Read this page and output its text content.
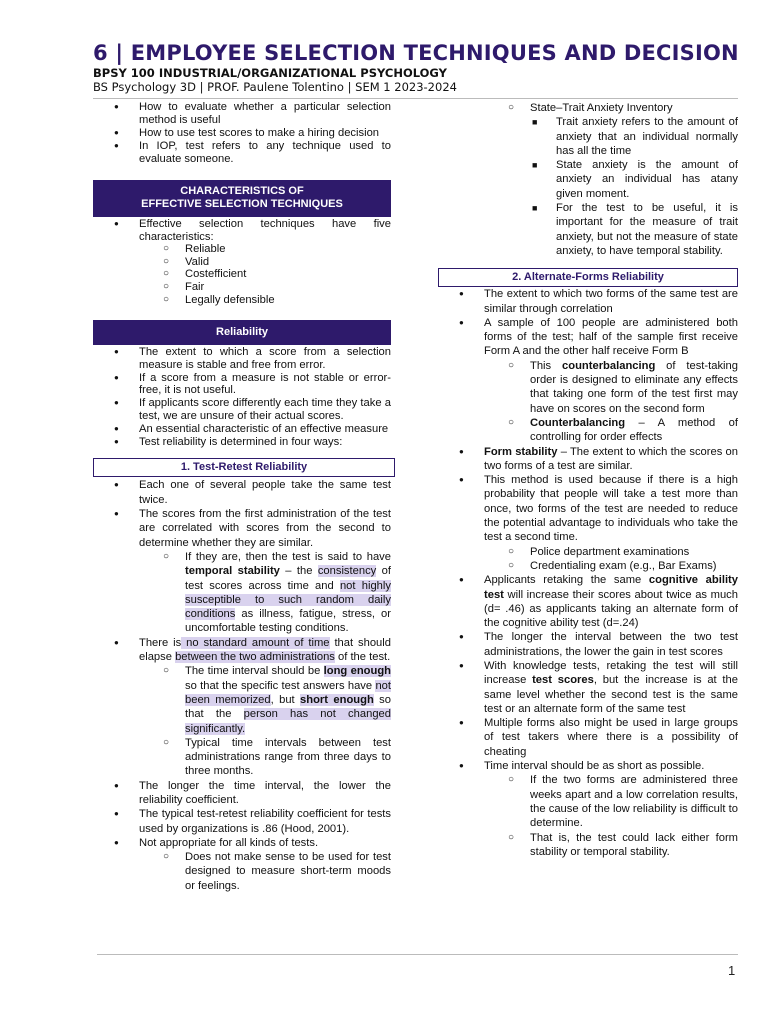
6 | EMPLOYEE SELECTION TECHNIQUES AND DECISION
BPSY 100 INDUSTRIAL/ORGANIZATIONAL PSYCHOLOGY
BS Psychology 3D | PROF. Paulene Tolentino | SEM 1 2023-2024
● How to evaluate whether a particular selection method is useful
● How to use test scores to make a hiring decision
● In IOP, test refers to any technique used to evaluate someone.
CHARACTERISTICS OF
EFFECTIVE SELECTION TECHNIQUES
● Effective selection techniques have five characteristics:
○ Reliable
○ Valid
○ Costefficient
○ Fair
○ Legally defensible
Reliability
● The extent to which a score from a selection measure is stable and free from error.
● If a score from a measure is not stable or error-free, it is not useful.
● If applicants score differently each time they take a test, we are unsure of their actual scores.
● An essential characteristic of an effective measure
● Test reliability is determined in four ways:
1. Test-Retest Reliability
● Each one of several people take the same test twice.
● The scores from the first administration of the test are correlated with scores from the second to determine whether they are similar.
○ If they are, then the test is said to have temporal stability – the consistency of test scores across time and not highly susceptible to such random daily conditions as illness, fatigue, stress, or uncomfortable testing conditions.
● There is no standard amount of time that should elapse between the two administrations of the test.
○ The time interval should be long enough so that the specific test answers have not been memorized, but short enough so that the person has not changed significantly.
○ Typical time intervals between test administrations range from three days to three months.
● The longer the time interval, the lower the reliability coefficient.
● The typical test-retest reliability coefficient for tests used by organizations is .86 (Hood, 2001).
● Not appropriate for all kinds of tests.
○ Does not make sense to be used for test designed to measure short-term moods or feelings.
○ State–Trait Anxiety Inventory
■ Trait anxiety refers to the amount of anxiety that an individual normally has all the time
■ State anxiety is the amount of anxiety an individual has atany given moment.
■ For the test to be useful, it is important for the measure of trait anxiety, but not the measure of state anxiety, to have temporal stability.
2. Alternate-Forms Reliability
● The extent to which two forms of the same test are similar through correlation
● A sample of 100 people are administered both forms of the test; half of the sample first receive Form A and the other half receive Form B
○ This counterbalancing of test-taking order is designed to eliminate any effects that taking one form of the test first may have on scores on the second form
○ Counterbalancing – A method of controlling for order effects
● Form stability – The extent to which the scores on two forms of a test are similar.
● This method is used because if there is a high probability that people will take a test more than once, two forms of the test are needed to reduce the potential advantage to individuals who take the test a second time.
○ Police department examinations
○ Credentialing exam (e.g., Bar Exams)
● Applicants retaking the same cognitive ability test will increase their scores about twice as much (d= .46) as applicants taking an alternate form of the cognitive ability test (d=.24)
● The longer the interval between the two test administrations, the lower the gain in test scores
● With knowledge tests, retaking the test will still increase test scores, but the increase is at the same level whether the second test is the same test or an alternate form of the same test
● Multiple forms also might be used in large groups of test takers where there is a possibility of cheating
● Time interval should be as short as possible.
○ If the two forms are administered three weeks apart and a low correlation results, the cause of the low reliability is difficult to determine.
○ That is, the test could lack either form stability or temporal stability.
1
